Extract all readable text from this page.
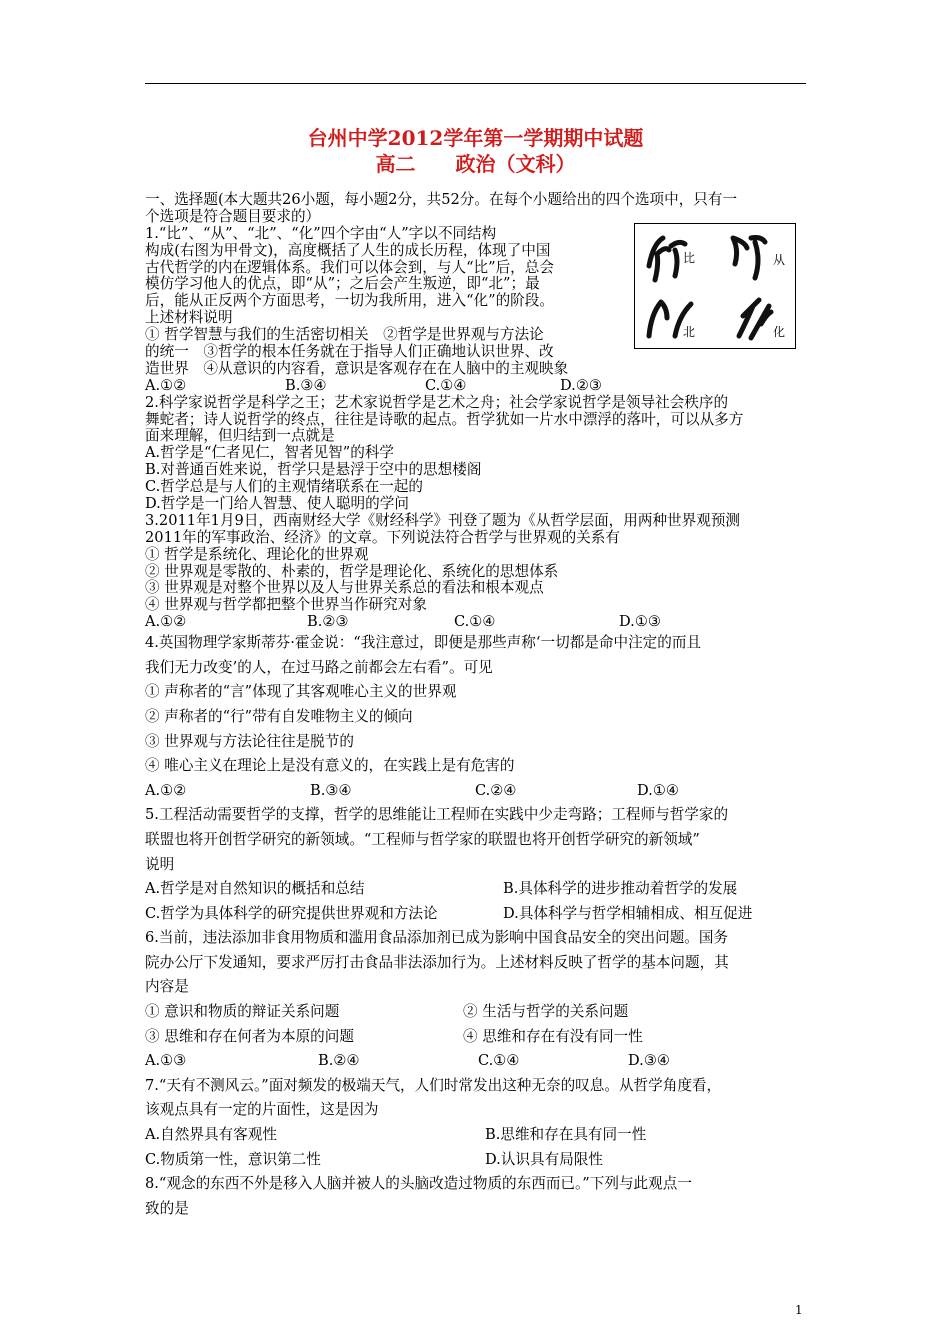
台州中学2012学年第一学期期中试题
高二　　政治（文科）
比	从
北	化
一、选择题(本大题共26小题，每小题2分，共52分。在每个小题给出的四个选项中，只有一
个选项是符合题目要求的）
1.“比”、“从”、“北”、“化”四个字由“人”字以不同结构
构成(右图为甲骨文)，高度概括了人生的成长历程，体现了中国
古代哲学的内在逻辑体系。我们可以体会到，与人“比”后，总会
模仿学习他人的优点，即“从”；之后会产生叛逆，即“北”；最
后，能从正反两个方面思考，一切为我所用，进入“化”的阶段。
上述材料说明
① 哲学智慧与我们的生活密切相关　②哲学是世界观与方法论
的统一　③哲学的根本任务就在于指导人们正确地认识世界、改
造世界　④从意识的内容看，意识是客观存在在人脑中的主观映象
A.①②	B.③④	C.①④	D.②③
2.科学家说哲学是科学之王；艺术家说哲学是艺术之舟；社会学家说哲学是领导社会秩序的
舞蛇者；诗人说哲学的终点，往往是诗歌的起点。哲学犹如一片水中漂浮的落叶，可以从多方
面来理解，但归结到一点就是
A.哲学是“仁者见仁，智者见智”的科学
B.对普通百姓来说，哲学只是悬浮于空中的思想楼阁
C.哲学总是与人们的主观情绪联系在一起的
D.哲学是一门给人智慧、使人聪明的学问
3.2011年1月9日，西南财经大学《财经科学》刊登了题为《从哲学层面，用两种世界观预测
2011年的军事政治、经济》的文章。下列说法符合哲学与世界观的关系有
① 哲学是系统化、理论化的世界观
② 世界观是零散的、朴素的，哲学是理论化、系统化的思想体系
③ 世界观是对整个世界以及人与世界关系总的看法和根本观点
④ 世界观与哲学都把整个世界当作研究对象
A.①②	B.②③	C.①④	D.①③
4.英国物理学家斯蒂芬·霍金说：“我注意过，即便是那些声称‘一切都是命中注定的而且
我们无力改变’的人，在过马路之前都会左右看”。可见
① 声称者的“言”体现了其客观唯心主义的世界观
② 声称者的“行”带有自发唯物主义的倾向
③ 世界观与方法论往往是脱节的
④ 唯心主义在理论上是没有意义的，在实践上是有危害的
A.①②	B.③④	C.②④	D.①④
5.工程活动需要哲学的支撑，哲学的思维能让工程师在实践中少走弯路；工程师与哲学家的
联盟也将开创哲学研究的新领域。“工程师与哲学家的联盟也将开创哲学研究的新领域”
说明
A.哲学是对自然知识的概括和总结	B.具体科学的进步推动着哲学的发展
C.哲学为具体科学的研究提供世界观和方法论	D.具体科学与哲学相辅相成、相互促进
6.当前，违法添加非食用物质和滥用食品添加剂已成为影响中国食品安全的突出问题。国务
院办公厅下发通知，要求严厉打击食品非法添加行为。上述材料反映了哲学的基本问题，其
内容是
① 意识和物质的辩证关系问题	② 生活与哲学的关系问题
③ 思维和存在何者为本原的问题	④ 思维和存在有没有同一性
A.①③	B.②④	C.①④	D.③④
7.“天有不测风云。”面对频发的极端天气，人们时常发出这种无奈的叹息。从哲学角度看，
该观点具有一定的片面性，这是因为
A.自然界具有客观性	B.思维和存在具有同一性
C.物质第一性，意识第二性	D.认识具有局限性
8.“观念的东西不外是移入人脑并被人的头脑改造过物质的东西而已。”下列与此观点一
致的是
1
